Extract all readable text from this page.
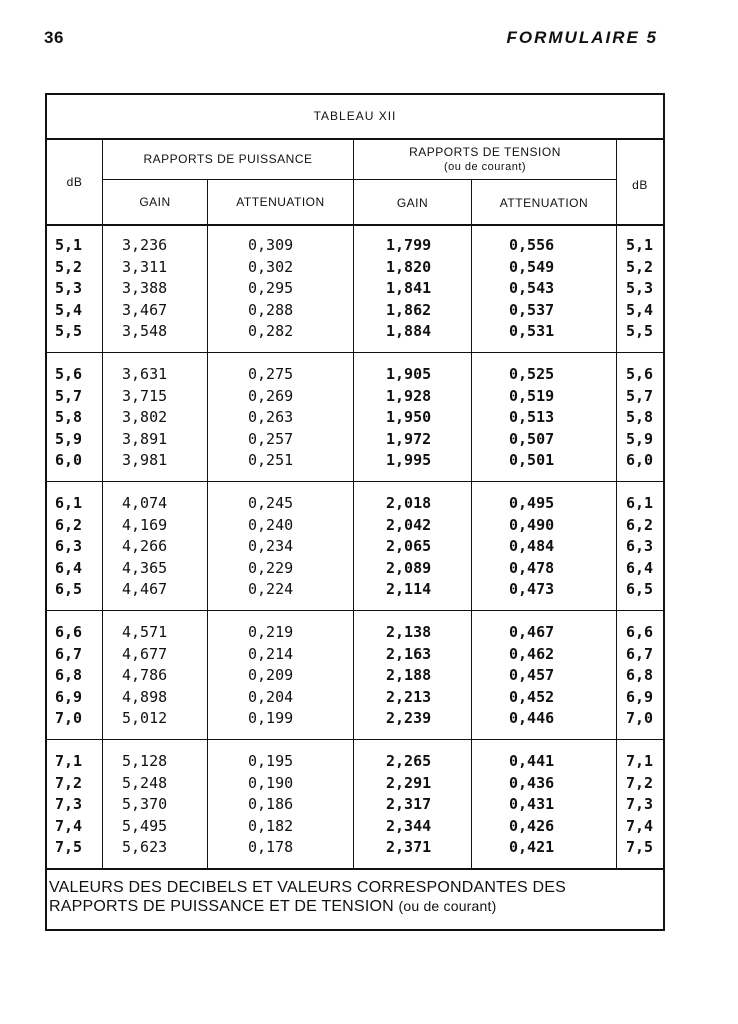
36	FORMULAIRE 5
TABLEAU XII
dB
RAPPORTS DE PUISSANCE	RAPPORTS DE TENSION
(ou de courant)
dB
GAIN	ATTENUATION	GAIN	ATTENUATION
5,1	3,236	0,309	1,799	0,556	5,1
5,2	3,311	0,302	1,820	0,549	5,2
5,3	3,388	0,295	1,841	0,543	5,3
5,4	3,467	0,288	1,862	0,537	5,4
5,5	3,548	0,282	1,884	0,531	5,5
5,6	3,631	0,275	1,905	0,525	5,6
5,7	3,715	0,269	1,928	0,519	5,7
5,8	3,802	0,263	1,950	0,513	5,8
5,9	3,891	0,257	1,972	0,507	5,9
6,0	3,981	0,251	1,995	0,501	6,0
6,1	4,074	0,245	2,018	0,495	6,1
6,2	4,169	0,240	2,042	0,490	6,2
6,3	4,266	0,234	2,065	0,484	6,3
6,4	4,365	0,229	2,089	0,478	6,4
6,5	4,467	0,224	2,114	0,473	6,5
6,6	4,571	0,219	2,138	0,467	6,6
6,7	4,677	0,214	2,163	0,462	6,7
6,8	4,786	0,209	2,188	0,457	6,8
6,9	4,898	0,204	2,213	0,452	6,9
7,0	5,012	0,199	2,239	0,446	7,0
7,1	5,128	0,195	2,265	0,441	7,1
7,2	5,248	0,190	2,291	0,436	7,2
7,3	5,370	0,186	2,317	0,431	7,3
7,4	5,495	0,182	2,344	0,426	7,4
7,5	5,623	0,178	2,371	0,421	7,5
VALEURS DES DECIBELS ET VALEURS CORRESPONDANTES DES
RAPPORTS DE PUISSANCE ET DE TENSION (ou de courant)
